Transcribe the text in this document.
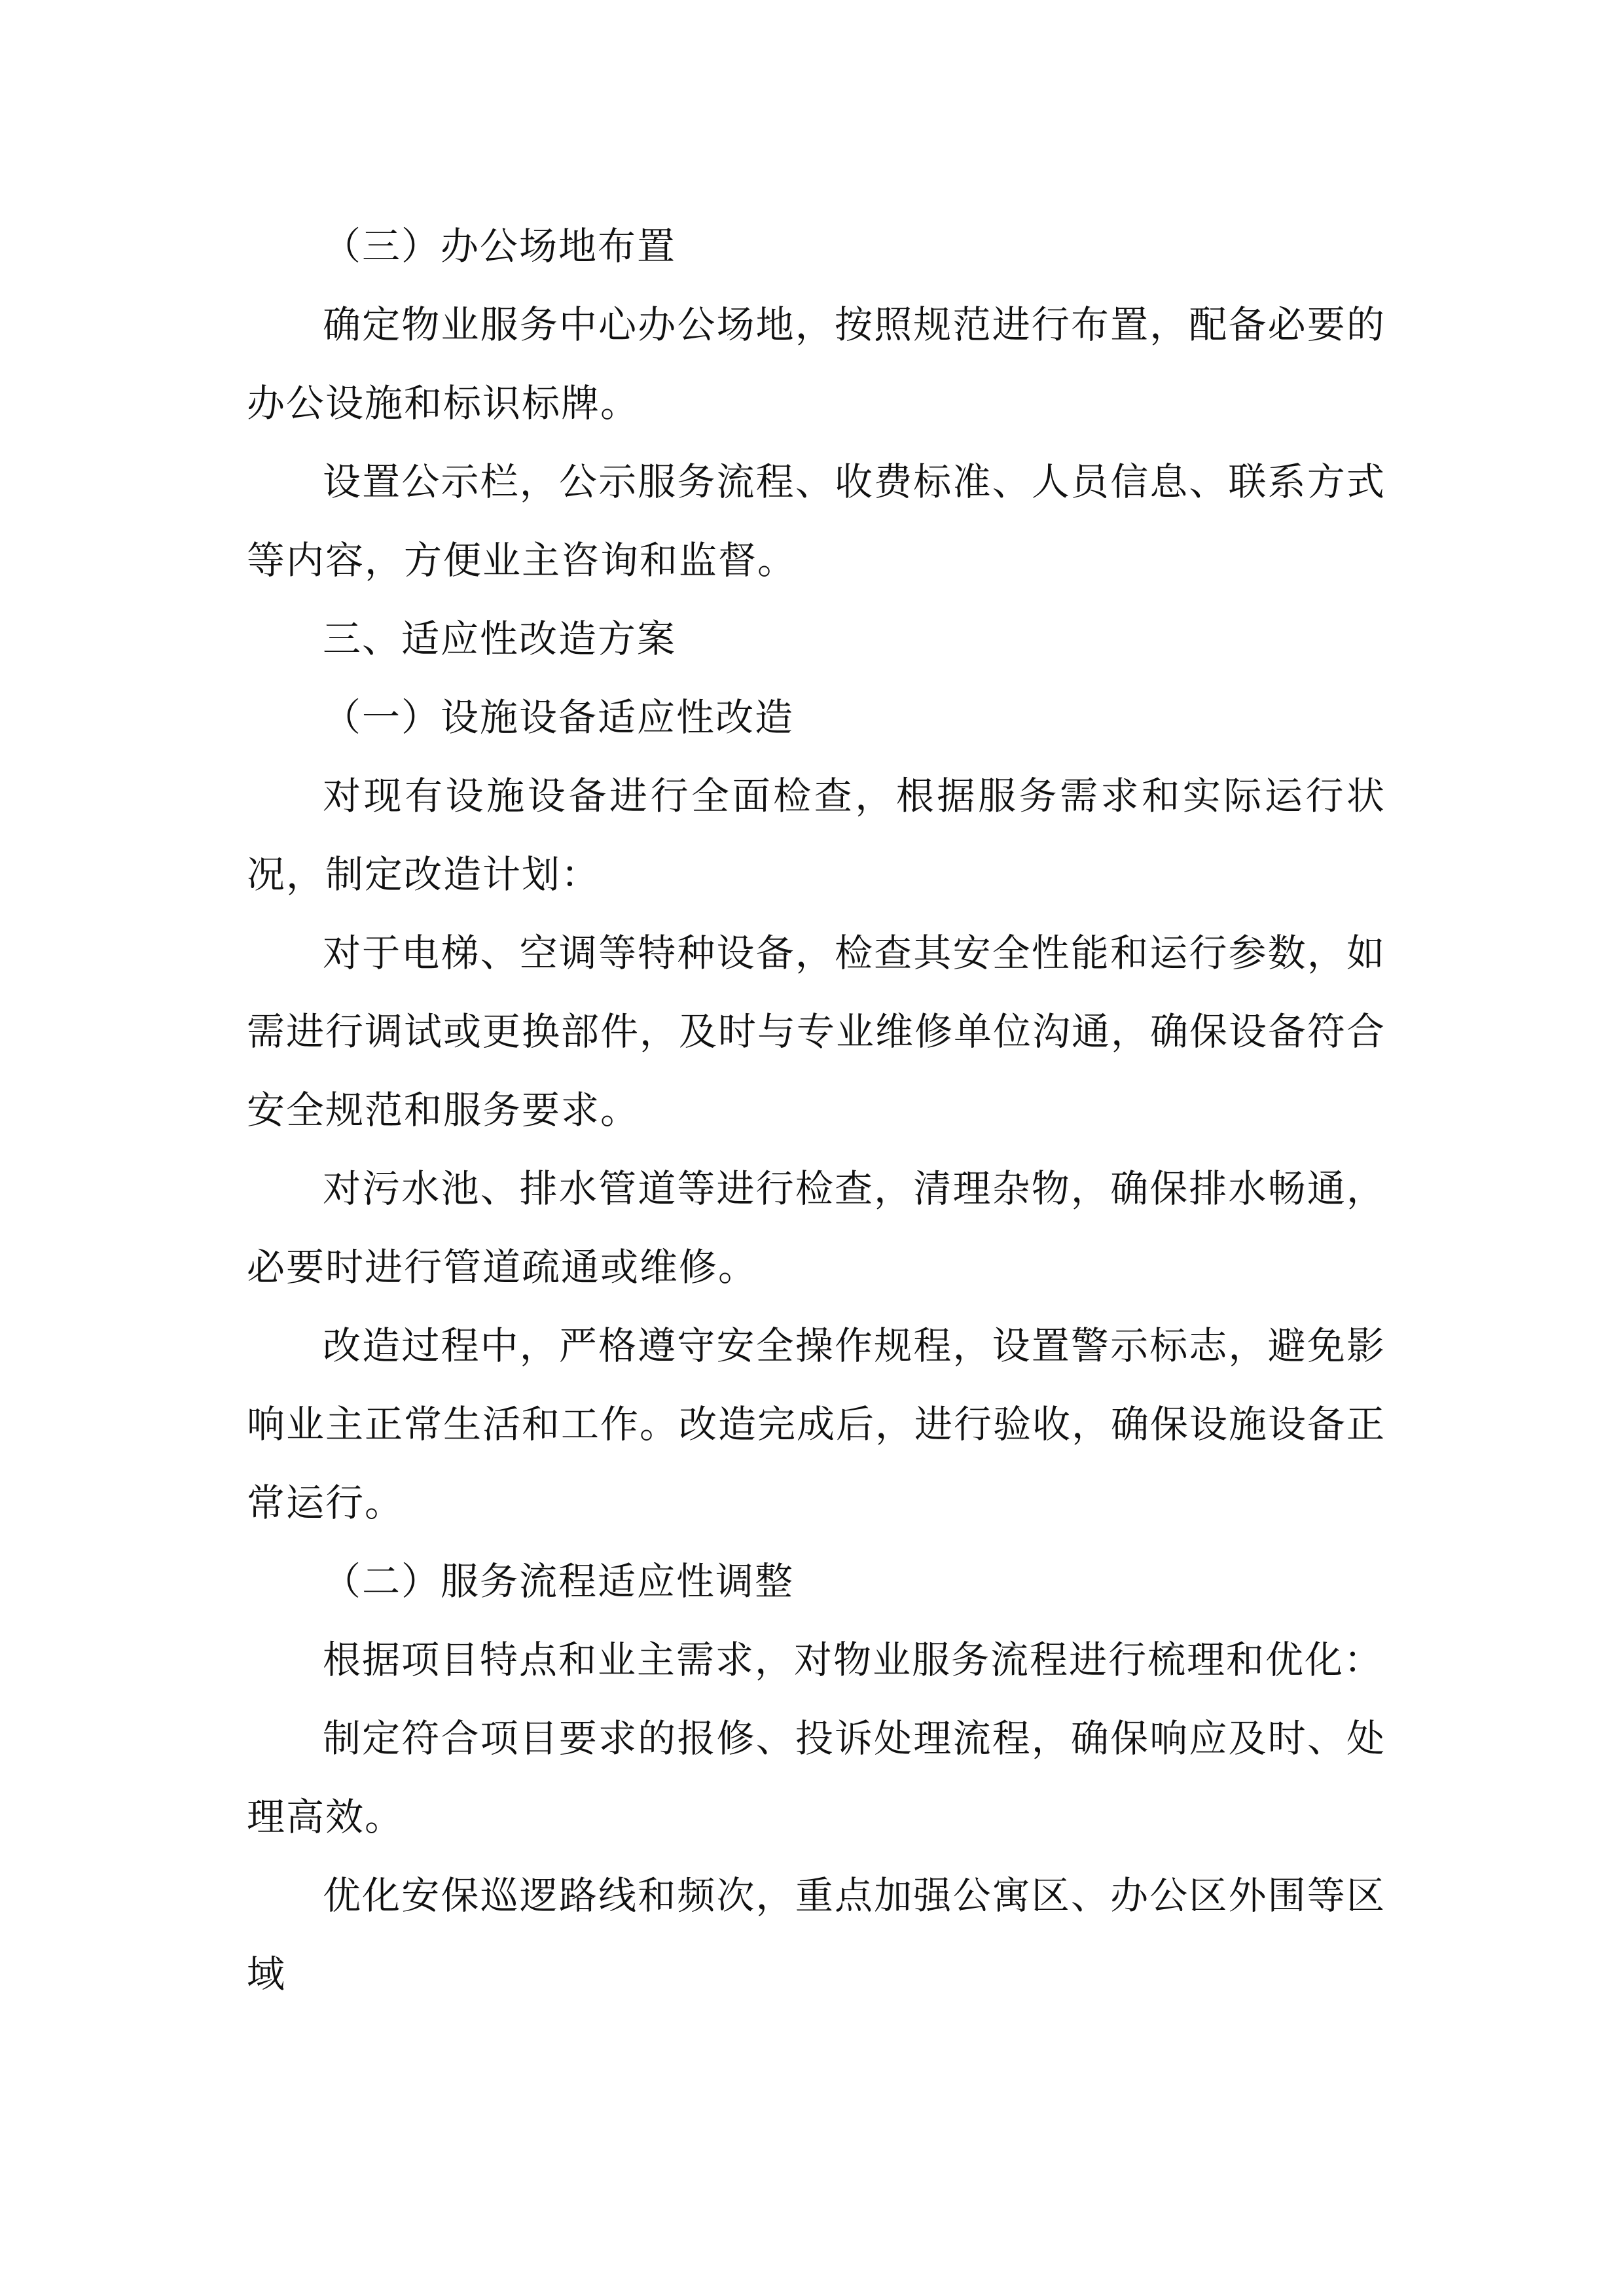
（三）办公场地布置

确定物业服务中心办公场地，按照规范进行布置，配备必要的办公设施和标识标牌。

设置公示栏，公示服务流程、收费标准、人员信息、联系方式等内容，方便业主咨询和监督。

三、适应性改造方案

（一）设施设备适应性改造

对现有设施设备进行全面检查，根据服务需求和实际运行状况，制定改造计划：

对于电梯、空调等特种设备，检查其安全性能和运行参数，如需进行调试或更换部件，及时与专业维修单位沟通，确保设备符合安全规范和服务要求。

对污水池、排水管道等进行检查，清理杂物，确保排水畅通，必要时进行管道疏通或维修。

改造过程中，严格遵守安全操作规程，设置警示标志，避免影响业主正常生活和工作。改造完成后，进行验收，确保设施设备正常运行。

（二）服务流程适应性调整

根据项目特点和业主需求，对物业服务流程进行梳理和优化：

制定符合项目要求的报修、投诉处理流程，确保响应及时、处理高效。

优化安保巡逻路线和频次，重点加强公寓区、办公区外围等区域
